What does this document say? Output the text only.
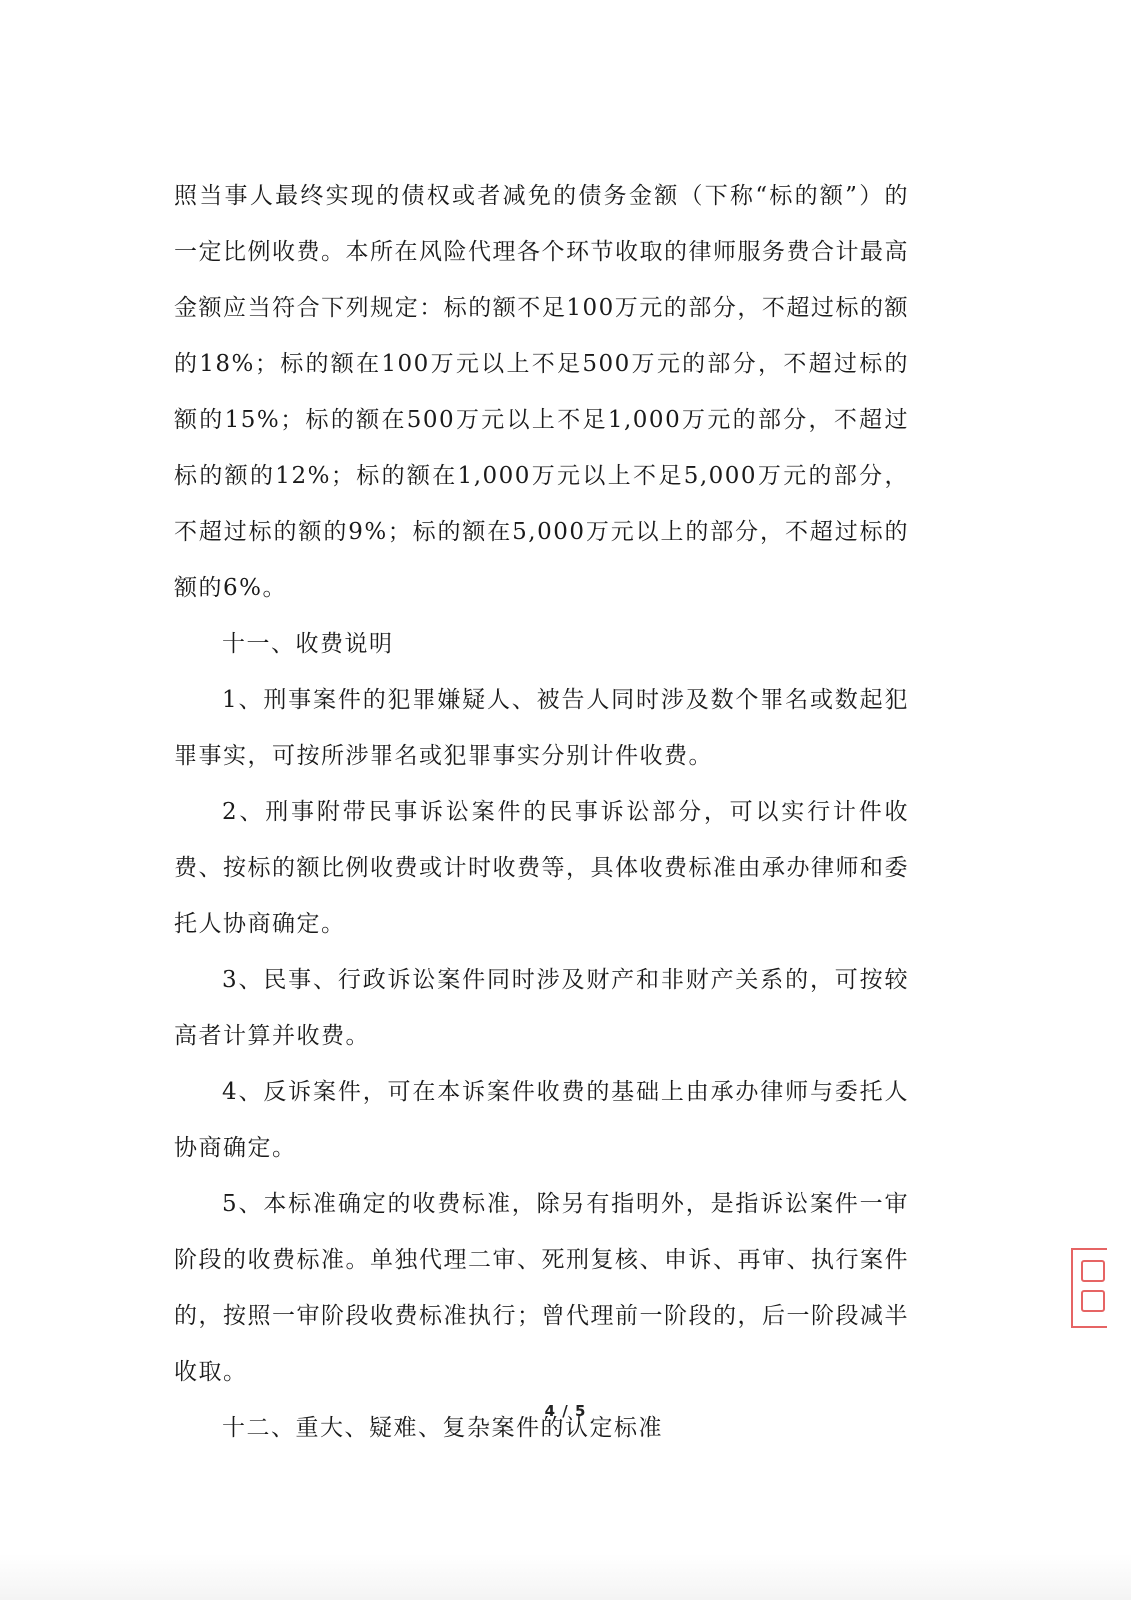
照当事人最终实现的债权或者减免的债务金额（下称“标的额”）的一定比例收费。本所在风险代理各个环节收取的律师服务费合计最高金额应当符合下列规定：标的额不足100万元的部分，不超过标的额的18%；标的额在100万元以上不足500万元的部分，不超过标的额的15%；标的额在500万元以上不足1,000万元的部分，不超过标的额的12%；标的额在1,000万元以上不足5,000万元的部分，不超过标的额的9%；标的额在5,000万元以上的部分，不超过标的额的6%。

十一、收费说明

1、刑事案件的犯罪嫌疑人、被告人同时涉及数个罪名或数起犯罪事实，可按所涉罪名或犯罪事实分别计件收费。

2、刑事附带民事诉讼案件的民事诉讼部分，可以实行计件收费、按标的额比例收费或计时收费等，具体收费标准由承办律师和委托人协商确定。

3、民事、行政诉讼案件同时涉及财产和非财产关系的，可按较高者计算并收费。

4、反诉案件，可在本诉案件收费的基础上由承办律师与委托人协商确定。

5、本标准确定的收费标准，除另有指明外，是指诉讼案件一审阶段的收费标准。单独代理二审、死刑复核、申诉、再审、执行案件的，按照一审阶段收费标准执行；曾代理前一阶段的，后一阶段减半收取。

十二、重大、疑难、复杂案件的认定标准

4 / 5
